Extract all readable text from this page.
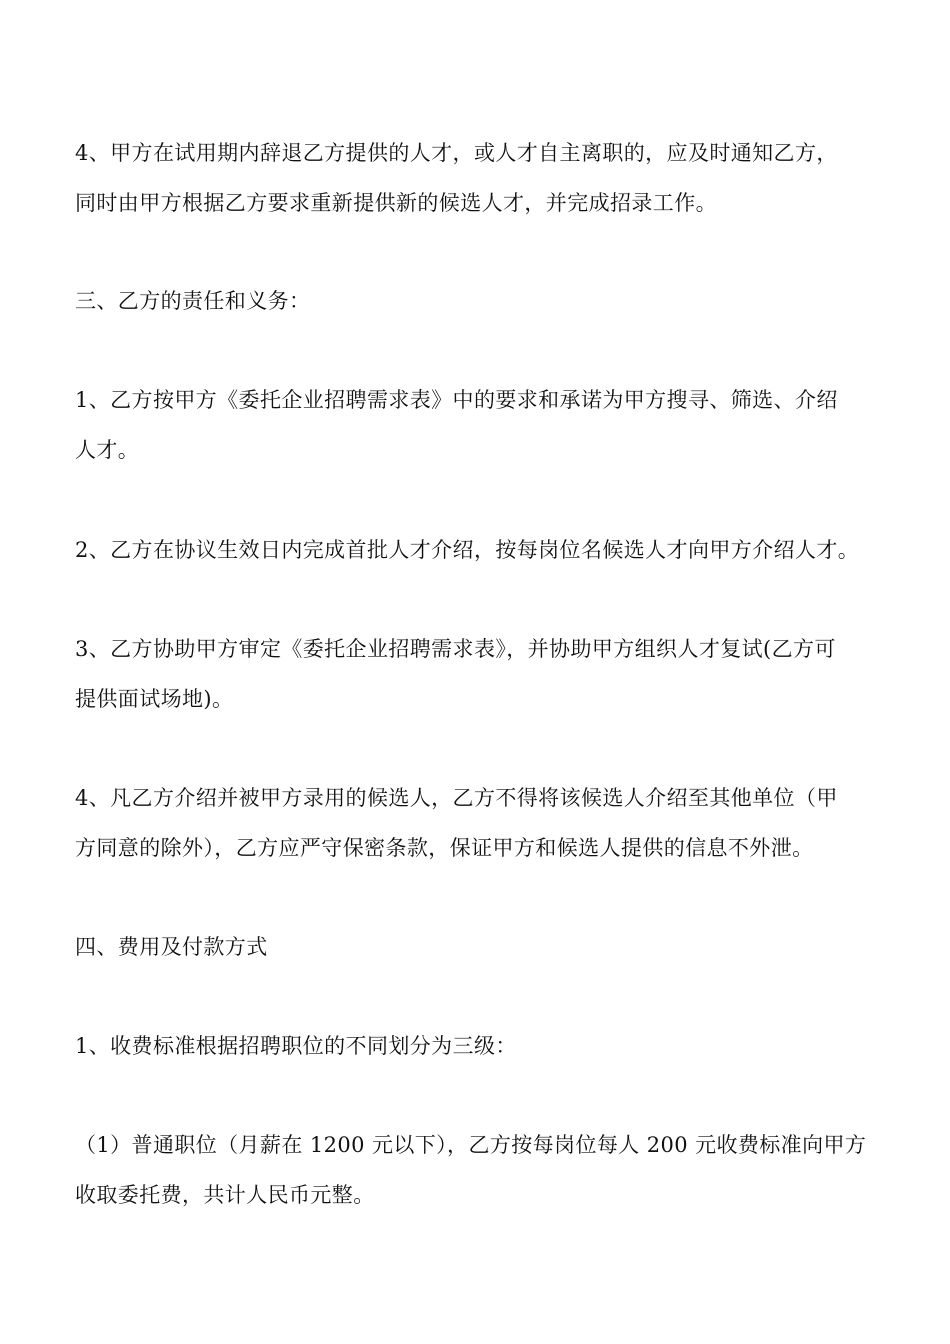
4、甲方在试用期内辞退乙方提供的人才，或人才自主离职的，应及时通知乙方，
同时由甲方根据乙方要求重新提供新的候选人才，并完成招录工作。

三、乙方的责任和义务：

1、乙方按甲方《委托企业招聘需求表》中的要求和承诺为甲方搜寻、筛选、介绍
人才。

2、乙方在协议生效日内完成首批人才介绍，按每岗位名候选人才向甲方介绍人才。

3、乙方协助甲方审定《委托企业招聘需求表》，并协助甲方组织人才复试(乙方可
提供面试场地)。

4、凡乙方介绍并被甲方录用的候选人，乙方不得将该候选人介绍至其他单位（甲
方同意的除外），乙方应严守保密条款，保证甲方和候选人提供的信息不外泄。

四、费用及付款方式

1、收费标准根据招聘职位的不同划分为三级：

（1）普通职位（月薪在 1200 元以下），乙方按每岗位每人 200 元收费标准向甲方
收取委托费，共计人民币元整。
